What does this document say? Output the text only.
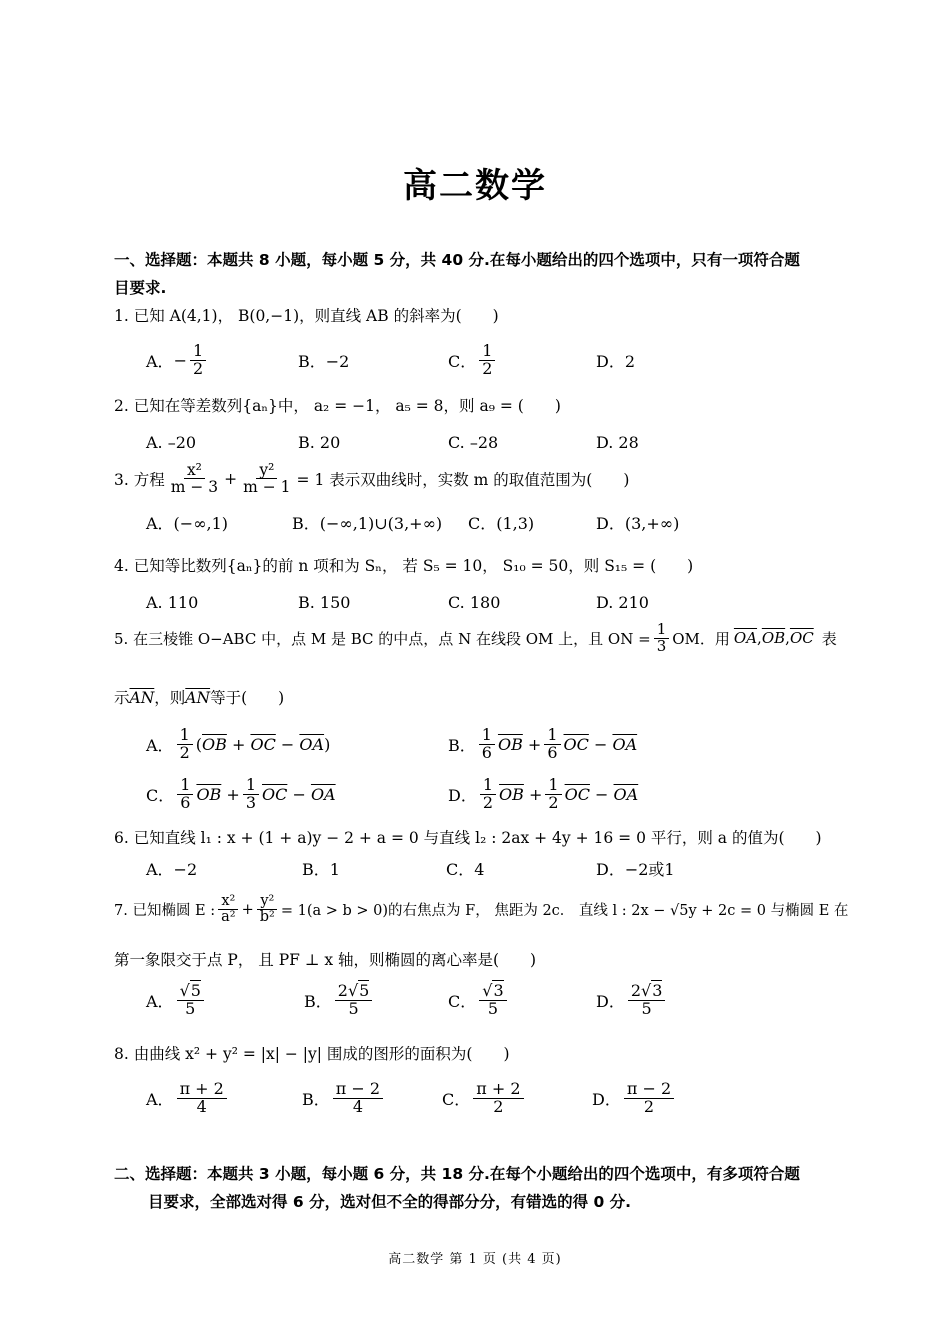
高二数学
一、选择题：本题共 8 小题，每小题 5 分，共 40 分.在每小题给出的四个选项中，只有一项符合题
目要求.
1. 已知 A(4,1)， B(0,−1)，则直线 AB 的斜率为(　　)
A． − $\frac{1}{2}$	B．−2	C． $\frac{1}{2}$	D．2
2. 已知在等差数列{aₙ}中， a₂ = −1， a₅ = 8，则 a₉ = (　　)
A. –20	B. 20	C. –28	D. 28
3. 方程 $\frac{\text{x²}}{m - 3} + \frac{\text{y²}}{m - 1} = 1$ 表示双曲线时，实数 m 的取值范围为(　　)
A．(−∞,1)	B．(−∞,1)∪(3,+∞) C．(1,3)	D．(3,+∞)
4. 已知等比数列{aₙ}的前 n 项和为 Sₙ， 若 S₅ = 10， S₁₀ = 50，则 S₁₅ = (　　)
A. 110	B. 150	C. 180	D. 210
5. 在三棱锥 O−ABC 中，点 M 是 BC 的中点，点 N 在线段 OM 上，且 ON = $\frac{1}{3}$ OM．用 $\overline{OA}$ , $\overline{OB}$ , $\overline{OC}$ 表
示$\overline{AN}$，则$\overline{AN}$等于(　　)
A． $\frac{1}{2} (\overline{OB} + \overline{OC} - \overline{OA})$	B． $\frac{1}{6} \overline{OB} + \frac{1}{6} \overline{OC} - \overline{OA}$
C． $\frac{1}{6} \overline{OB} + \frac{1}{3} \overline{OC} - \overline{OA}$	D． $\frac{1}{2} \overline{OB} + \frac{1}{2} \overline{OC} - \overline{OA}$
6. 已知直线 l₁ : x + (1 + a)y − 2 + a = 0 与直线 l₂ : 2ax + 4y + 16 = 0 平行，则 a 的值为(　　)
A．−2	B．1	C．4	D．−2或1
7. 已知椭圆 E : $\frac{\text{x²}}{\text{a²}} + \frac{\text{y²}}{\text{b²}} = 1(a > b > 0)$的右焦点为 F， 焦距为 2c． 直线 l : 2x − √5y + 2c = 0 与椭圆 E 在
第一象限交于点 P， 且 PF ⊥ x 轴，则椭圆的离心率是(　　)
A． $\frac{√5}{5}$	B． $\frac{2√5}{5}$	C． $\frac{√3}{5}$	D． $\frac{2√3}{5}$
8. 由曲线 x² + y² = |x| − |y| 围成的图形的面积为(　　)
A． $\frac{\pi + 2}{4}$	B． $\frac{\pi - 2}{4}$	C． $\frac{\pi + 2}{2}$	D． $\frac{\pi - 2}{2}$
二、选择题：本题共 3 小题，每小题 6 分，共 18 分.在每个小题给出的四个选项中，有多项符合题

目要求，全部选对得 6 分，选对但不全的得部分分，有错选的得 0 分.
高二数学 第 1 页 (共 4 页)
